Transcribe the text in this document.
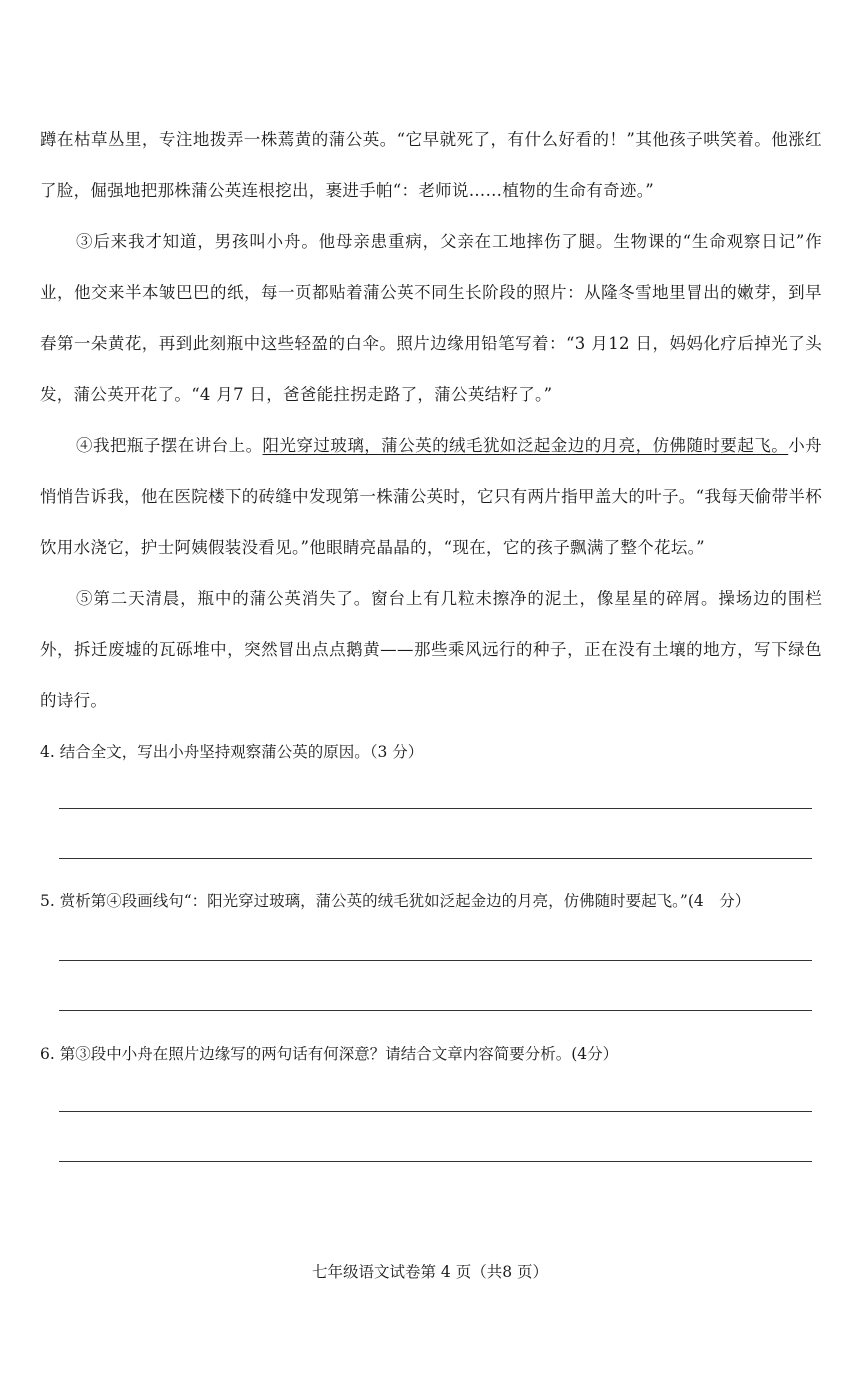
蹲在枯草丛里，专注地拨弄一株蔫黄的蒲公英。“它早就死了，有什么好看的！”其他孩子哄笑着。他涨红了脸，倔强地把那株蒲公英连根挖出，裹进手帕“：老师说……植物的生命有奇迹。”

③后来我才知道，男孩叫小舟。他母亲患重病，父亲在工地摔伤了腿。生物课的“生命观察日记”作业，他交来半本皱巴巴的纸，每一页都贴着蒲公英不同生长阶段的照片：从隆冬雪地里冒出的嫩芽，到早春第一朵黄花，再到此刻瓶中这些轻盈的白伞。照片边缘用铅笔写着：“3 月12 日，妈妈化疗后掉光了头发，蒲公英开花了。“4 月7 日，爸爸能拄拐走路了，蒲公英结籽了。”

④我把瓶子摆在讲台上。阳光穿过玻璃，蒲公英的绒毛犹如泛起金边的月亮，仿佛随时要起飞。小舟悄悄告诉我，他在医院楼下的砖缝中发现第一株蒲公英时，它只有两片指甲盖大的叶子。“我每天偷带半杯饮用水浇它，护士阿姨假装没看见。”他眼睛亮晶晶的，“现在，它的孩子飘满了整个花坛。”

⑤第二天清晨，瓶中的蒲公英消失了。窗台上有几粒未擦净的泥土，像星星的碎屑。操场边的围栏外，拆迁废墟的瓦砾堆中，突然冒出点点鹅黄——那些乘风远行的种子，正在没有土壤的地方，写下绿色的诗行。

4. 结合全文，写出小舟坚持观察蒲公英的原因。（3 分）
5. 赏析第④段画线句“：阳光穿过玻璃，蒲公英的绒毛犹如泛起金边的月亮，仿佛随时要起飞。”(4　分）
6. 第③段中小舟在照片边缘写的两句话有何深意？请结合文章内容简要分析。(4分）
七年级语文试卷第 4 页（共8 页）
